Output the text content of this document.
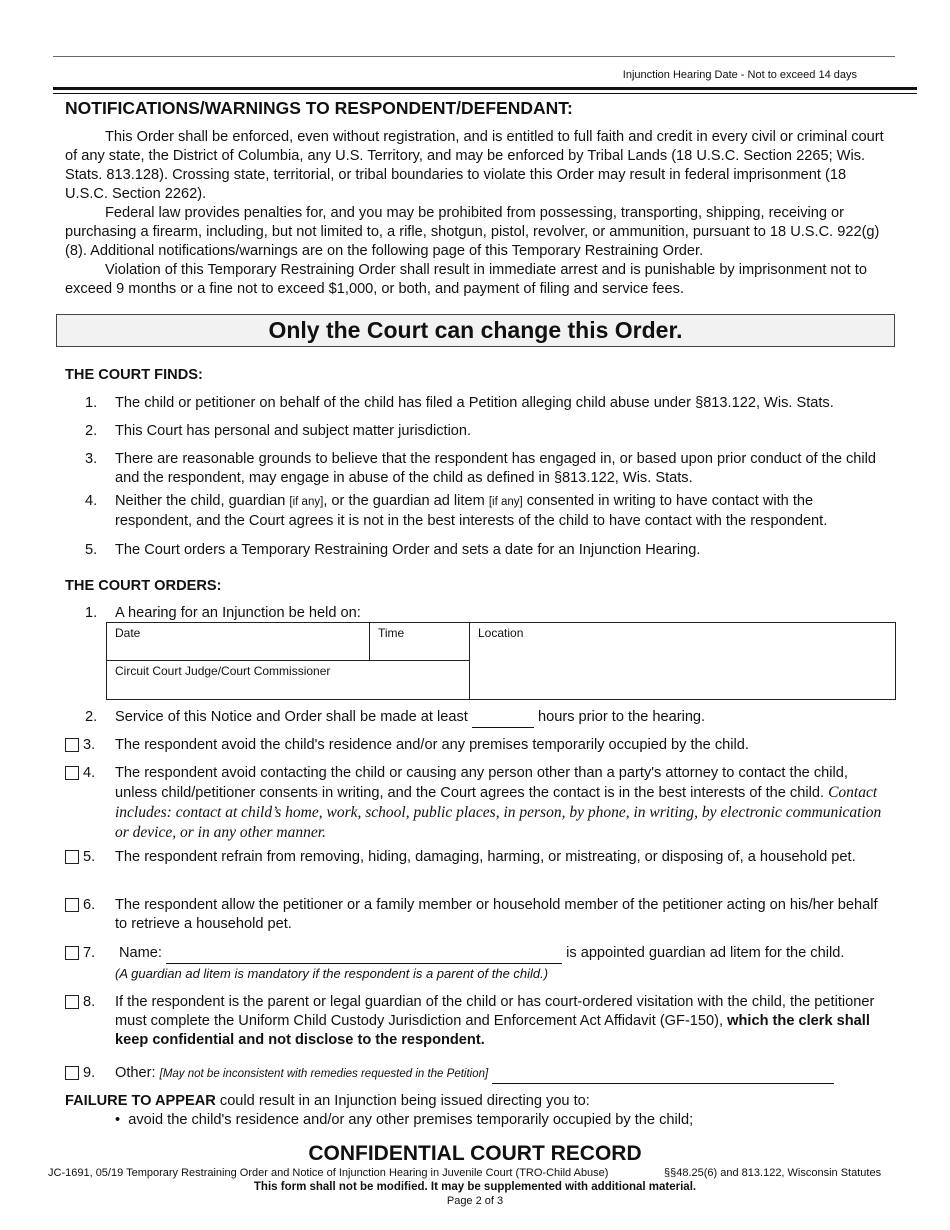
Injunction Hearing Date - Not to exceed 14 days
NOTIFICATIONS/WARNINGS TO RESPONDENT/DEFENDANT:

This Order shall be enforced, even without registration, and is entitled to full faith and credit in every civil or criminal court of any state, the District of Columbia, any U.S. Territory, and may be enforced by Tribal Lands (18 U.S.C. Section 2265; Wis. Stats. 813.128). Crossing state, territorial, or tribal boundaries to violate this Order may result in federal imprisonment (18 U.S.C. Section 2262).

Federal law provides penalties for, and you may be prohibited from possessing, transporting, shipping, receiving or purchasing a firearm, including, but not limited to, a rifle, shotgun, pistol, revolver, or ammunition, pursuant to 18 U.S.C. 922(g)(8). Additional notifications/warnings are on the following page of this Temporary Restraining Order.

Violation of this Temporary Restraining Order shall result in immediate arrest and is punishable by imprisonment not to exceed 9 months or a fine not to exceed $1,000, or both, and payment of filing and service fees.

Only the Court can change this Order.
THE COURT FINDS:
1.	The child or petitioner on behalf of the child has filed a Petition alleging child abuse under §813.122, Wis. Stats.
2.	This Court has personal and subject matter jurisdiction.
3.	There are reasonable grounds to believe that the respondent has engaged in, or based upon prior conduct of the child and the respondent, may engage in abuse of the child as defined in §813.122, Wis. Stats.
4.	Neither the child, guardian [if any], or the guardian ad litem [if any] consented in writing to have contact with the respondent, and the Court agrees it is not in the best interests of the child to have contact with the respondent.
5.	The Court orders a Temporary Restraining Order and sets a date for an Injunction Hearing.
THE COURT ORDERS:
1.	A hearing for an Injunction be held on:
Date	Time	Location
Circuit Court Judge/Court Commissioner
2.	Service of this Notice and Order shall be made at least	hours prior to the hearing.
3.	The respondent avoid the child's residence and/or any premises temporarily occupied by the child.
4.	The respondent avoid contacting the child or causing any person other than a party's attorney to contact the child, unless child/petitioner consents in writing, and the Court agrees the contact is in the best interests of the child. Contact includes: contact at child’s home, work, school, public places, in person, by phone, in writing, by electronic communication or device, or in any other manner.
5.	The respondent refrain from removing, hiding, damaging, harming, or mistreating, or disposing of, a household pet.
6.	The respondent allow the petitioner or a family member or household member of the petitioner acting on his/her behalf to retrieve a household pet.
7.	Name:	is appointed guardian ad litem for the child.
(A guardian ad litem is mandatory if the respondent is a parent of the child.)
8.	If the respondent is the parent or legal guardian of the child or has court-ordered visitation with the child, the petitioner must complete the Uniform Child Custody Jurisdiction and Enforcement Act Affidavit (GF-150), which the clerk shall keep confidential and not disclose to the respondent.
9.	Other: [May not be inconsistent with remedies requested in the Petition]
FAILURE TO APPEAR could result in an Injunction being issued directing you to:
•  avoid the child's residence and/or any other premises temporarily occupied by the child;
CONFIDENTIAL COURT RECORD
JC-1691, 05/19 Temporary Restraining Order and Notice of Injunction Hearing in Juvenile Court (TRO-Child Abuse)	§§48.25(6) and 813.122, Wisconsin Statutes
This form shall not be modified. It may be supplemented with additional material.
Page 2 of 3
